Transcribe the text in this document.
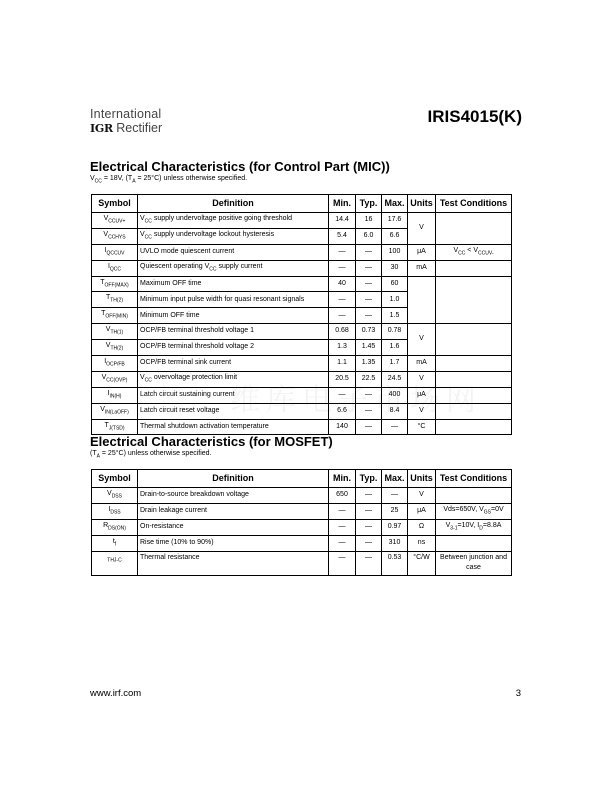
International
IGR Rectifier
IRIS4015(K)
Electrical Characteristics (for Control Part (MIC))
$V_{CC} = 18V$, $(T_A = 25^\circ C)$ unless otherwise specified.
Symbol	Definition	Min.	Typ.	Max.	Units	Test Conditions
$V_{CCUV+}$	$V_{CC}$ supply undervoltage positive going threshold	14.4	16	17.6	V	
$V_{CCHYS}$	$V_{CC}$ supply undervoltage lockout hysteresis	5.4	6.0	6.6		
$I_{QCCUV}$	UVLO mode quiescent current	—	—	100	μA	$V_{CC} < V_{CCUV-}$
$I_{QCC}$	Quiescent operating $V_{CC}$ supply current	—	—	30	mA	
$T_{OFF(MAX)}$	Maximum OFF time	40	—	60		
$T_{TH(2)}$	Minimum input pulse width for quasi resonant signals	—	—	1.0		
$T_{OFF(MIN)}$	Minimum OFF time	—	—	1.5		
$V_{TH(1)}$	OCP/FB terminal threshold voltage 1	0.68	0.73	0.78	V	
$V_{TH(2)}$	OCP/FB terminal threshold voltage 2	1.3	1.45	1.6		
$I_{OCP/FB}$	OCP/FB terminal sink current	1.1	1.35	1.7	mA	
$V_{CC(OVP)}$	$V_{CC}$ overvoltage protection limit	20.5	22.5	24.5	V	
$I_{IN(H)}$	Latch circuit sustaining current	—	—	400	μA	
$V_{IN(LaOFF)}$	Latch circuit reset voltage	6.6	—	8.4	V	
$T_{J(TSD)}$	Thermal shutdown activation temperature	140	—	—	°C	
Electrical Characteristics (for MOSFET)
$(T_A = 25^\circ C)$ unless otherwise specified.
Symbol	Definition	Min.	Typ.	Max.	Units	Test Conditions
$V_{DSS}$	Drain-to-source breakdown voltage	650	—	—	V	
$I_{DSS}$	Drain leakage current	—	—	25	μA	Vds=650V, $V_{GS}=0V$
$R_{DS(ON)}$	On-resistance	—	—	0.97	Ω	$V_{3-1}=10V$, $I_D=8.8A$
$t_f$	Rise time (10% to 90%)	—	—	310	ns	
$_{THJ-C}$	Thermal resistance	—	—	0.53	°C/W	Between junction and case
www.irf.com	3
